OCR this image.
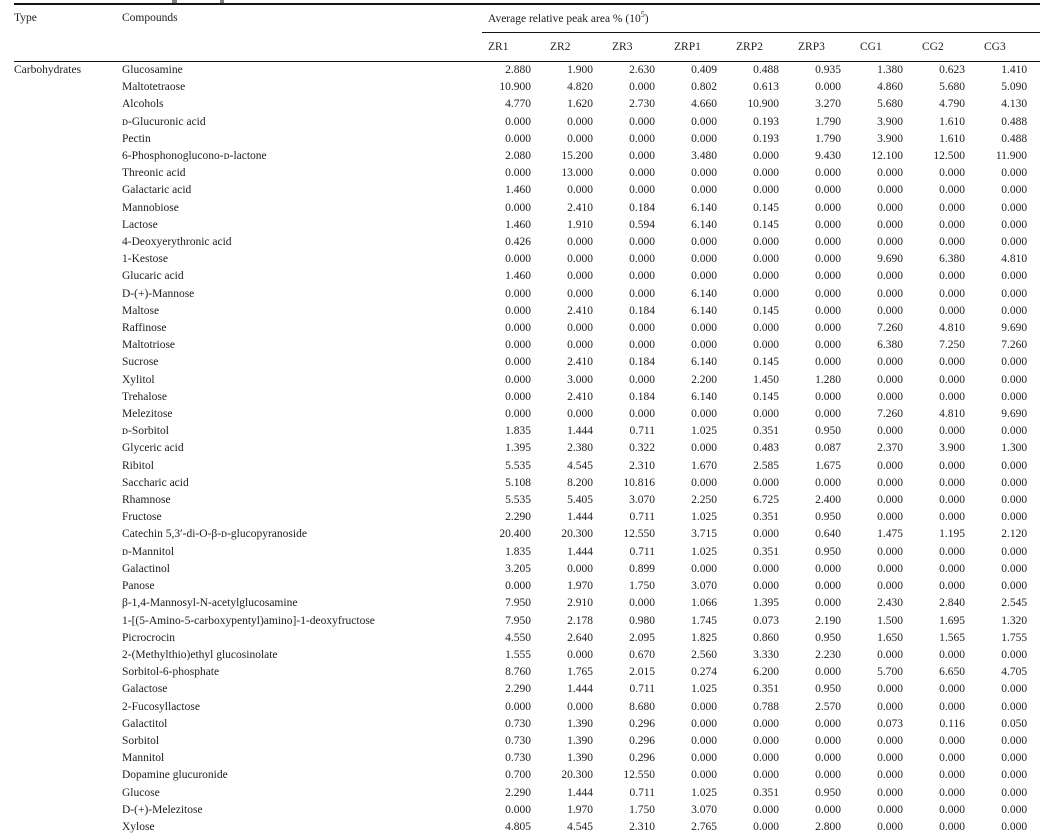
Type	Compounds	Average relative peak area % $(10^5)$								
		ZR1	ZR2	ZR3	ZRP1	ZRP2	ZRP3	CG1	CG2	CG3
Carbohydrates	Glucosamine	2.880	1.900	2.630	0.409	0.488	0.935	1.380	0.623	1.410
	Maltotetraose	10.900	4.820	0.000	0.802	0.613	0.000	4.860	5.680	5.090
	Alcohols	4.770	1.620	2.730	4.660	10.900	3.270	5.680	4.790	4.130
	ᴅ-Glucuronic acid	0.000	0.000	0.000	0.000	0.193	1.790	3.900	1.610	0.488
	Pectin	0.000	0.000	0.000	0.000	0.193	1.790	3.900	1.610	0.488
	6-Phosphonoglucono-ᴅ-lactone	2.080	15.200	0.000	3.480	0.000	9.430	12.100	12.500	11.900
	Threonic acid	0.000	13.000	0.000	0.000	0.000	0.000	0.000	0.000	0.000
	Galactaric acid	1.460	0.000	0.000	0.000	0.000	0.000	0.000	0.000	0.000
	Mannobiose	0.000	2.410	0.184	6.140	0.145	0.000	0.000	0.000	0.000
	Lactose	1.460	1.910	0.594	6.140	0.145	0.000	0.000	0.000	0.000
	4-Deoxyerythronic acid	0.426	0.000	0.000	0.000	0.000	0.000	0.000	0.000	0.000
	1-Kestose	0.000	0.000	0.000	0.000	0.000	0.000	9.690	6.380	4.810
	Glucaric acid	1.460	0.000	0.000	0.000	0.000	0.000	0.000	0.000	0.000
	D-(+)-Mannose	0.000	0.000	0.000	6.140	0.000	0.000	0.000	0.000	0.000
	Maltose	0.000	2.410	0.184	6.140	0.145	0.000	0.000	0.000	0.000
	Raffinose	0.000	0.000	0.000	0.000	0.000	0.000	7.260	4.810	9.690
	Maltotriose	0.000	0.000	0.000	0.000	0.000	0.000	6.380	7.250	7.260
	Sucrose	0.000	2.410	0.184	6.140	0.145	0.000	0.000	0.000	0.000
	Xylitol	0.000	3.000	0.000	2.200	1.450	1.280	0.000	0.000	0.000
	Trehalose	0.000	2.410	0.184	6.140	0.145	0.000	0.000	0.000	0.000
	Melezitose	0.000	0.000	0.000	0.000	0.000	0.000	7.260	4.810	9.690
	ᴅ-Sorbitol	1.835	1.444	0.711	1.025	0.351	0.950	0.000	0.000	0.000
	Glyceric acid	1.395	2.380	0.322	0.000	0.483	0.087	2.370	3.900	1.300
	Ribitol	5.535	4.545	2.310	1.670	2.585	1.675	0.000	0.000	0.000
	Saccharic acid	5.108	8.200	10.816	0.000	0.000	0.000	0.000	0.000	0.000
	Rhamnose	5.535	5.405	3.070	2.250	6.725	2.400	0.000	0.000	0.000
	Fructose	2.290	1.444	0.711	1.025	0.351	0.950	0.000	0.000	0.000
	Catechin 5,3′-di-O-β-ᴅ-glucopyranoside	20.400	20.300	12.550	3.715	0.000	0.640	1.475	1.195	2.120
	ᴅ-Mannitol	1.835	1.444	0.711	1.025	0.351	0.950	0.000	0.000	0.000
	Galactinol	3.205	0.000	0.899	0.000	0.000	0.000	0.000	0.000	0.000
	Panose	0.000	1.970	1.750	3.070	0.000	0.000	0.000	0.000	0.000
	β-1,4-Mannosyl-N-acetylglucosamine	7.950	2.910	0.000	1.066	1.395	0.000	2.430	2.840	2.545
	1-[(5-Amino-5-carboxypentyl)amino]-1-deoxyfructose	7.950	2.178	0.980	1.745	0.073	2.190	1.500	1.695	1.320
	Picrocrocin	4.550	2.640	2.095	1.825	0.860	0.950	1.650	1.565	1.755
	2-(Methylthio)ethyl glucosinolate	1.555	0.000	0.670	2.560	3.330	2.230	0.000	0.000	0.000
	Sorbitol-6-phosphate	8.760	1.765	2.015	0.274	6.200	0.000	5.700	6.650	4.705
	Galactose	2.290	1.444	0.711	1.025	0.351	0.950	0.000	0.000	0.000
	2-Fucosyllactose	0.000	0.000	8.680	0.000	0.788	2.570	0.000	0.000	0.000
	Galactitol	0.730	1.390	0.296	0.000	0.000	0.000	0.073	0.116	0.050
	Sorbitol	0.730	1.390	0.296	0.000	0.000	0.000	0.000	0.000	0.000
	Mannitol	0.730	1.390	0.296	0.000	0.000	0.000	0.000	0.000	0.000
	Dopamine glucuronide	0.700	20.300	12.550	0.000	0.000	0.000	0.000	0.000	0.000
	Glucose	2.290	1.444	0.711	1.025	0.351	0.950	0.000	0.000	0.000
	D-(+)-Melezitose	0.000	1.970	1.750	3.070	0.000	0.000	0.000	0.000	0.000
	Xylose	4.805	4.545	2.310	2.765	0.000	2.800	0.000	0.000	0.000
